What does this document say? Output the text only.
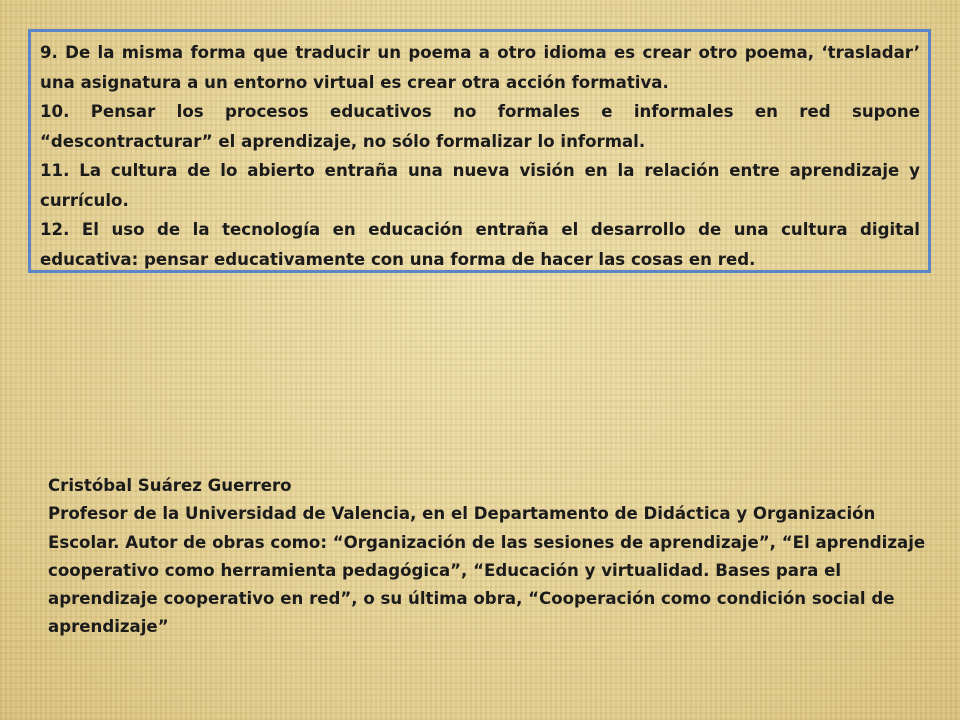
9. De la misma forma que traducir un poema a otro idioma es crear otro poema, ‘trasladar’ una asignatura a un entorno virtual es crear otra acción formativa.

10. Pensar los procesos educativos no formales e informales en red supone “descontracturar” el aprendizaje, no sólo formalizar lo informal.

11. La cultura de lo abierto entraña una nueva visión en la relación entre aprendizaje y currículo.

12. El uso de la tecnología en educación entraña el desarrollo de una cultura digital educativa: pensar educativamente con una forma de hacer las cosas en red.

Cristóbal Suárez Guerrero

Profesor de la Universidad de Valencia, en el Departamento de Didáctica y Organización Escolar. Autor de obras como: “Organización de las sesiones de aprendizaje”, “El aprendizaje cooperativo como herramienta pedagógica”, “Educación y virtualidad. Bases para el aprendizaje cooperativo en red”, o su última obra, “Cooperación como condición social de aprendizaje”
